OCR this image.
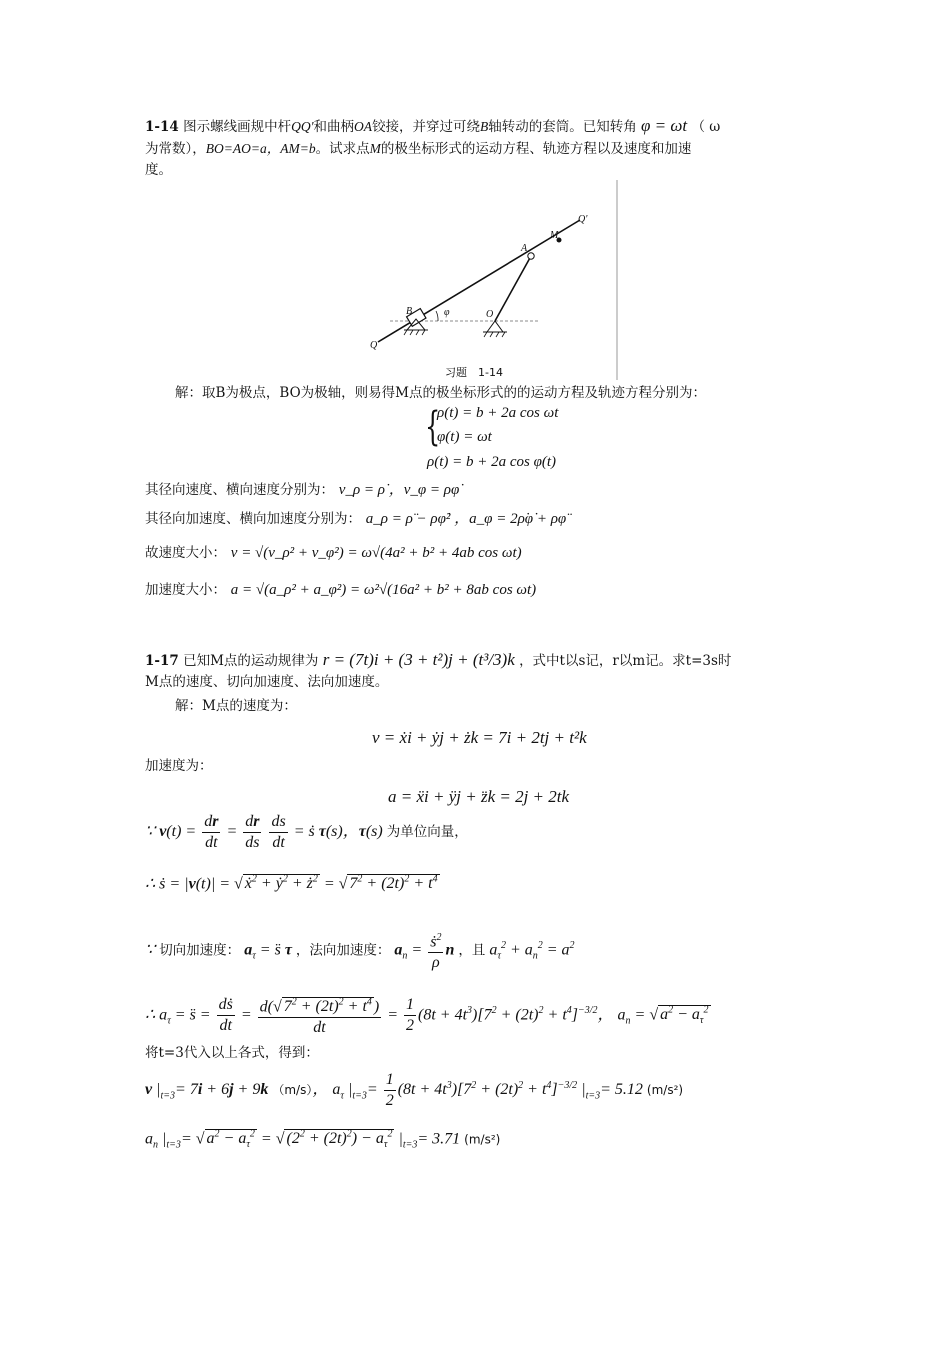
1-14 图示螺线画规中杆QQ'和曲柄OA铰接，并穿过可绕B轴转动的套筒。已知转角 φ = ωt （ ω
为常数），BO=AO=a，AM=b。试求点M的极坐标形式的运动方程、轨迹方程以及速度和加速
度。
Q
Q'
A
M
B	O
φ
习题　1-14
解：取B为极点，BO为极轴，则易得M点的极坐标形式的的运动方程及轨迹方程分别为：
{
ρ(t) = b + 2a cos ωt
φ(t) = ωt
ρ(t) = b + 2a cos φ(t)
其径向速度、横向速度分别为： v_ρ = ρ̇ ，v_φ = ρφ̇
其径向加速度、横向加速度分别为： a_ρ = ρ̈ − ρφ̇² ，a_φ = 2ρ̇φ̇ + ρφ̈
故速度大小： v = √(v_ρ² + v_φ²) = ω√(4a² + b² + 4ab cos ωt)
加速度大小： a = √(a_ρ² + a_φ²) = ω²√(16a² + b² + 8ab cos ωt)
1-17 已知M点的运动规律为 r = (7t)i + (3 + t²)j + (t³/3)k ，式中t以s记，r以m记。求t=3s时
M点的速度、切向加速度、法向加速度。
解：M点的速度为：
v = ẋi + ẏj + żk = 7i + 2tj + t²k
加速度为：
a = ẍi + ÿj + z̈k = 2j + 2tk
∵ $v(t) = \frac{dr}{dt} = \frac{dr}{ds}$
$\frac{ds}{dt}$ = ṡ τ(s)，τ(s) 为单位向量，
∴ ṡ = |v(t)| = √ ẋ$^2$ + ẏ$^2$ + $ż^2$ = √ $7^2 + (2t)^2 + t^4$
∵ 切向加速度： $a_\tau$ = s̈ τ ，法向加速度： $a_n = \frac{ṡ^2}{\rho}$ n ，且 $a_\tau^2 + a_n^2 = a^2$
∴ $a_\tau$ = s̈ = $\frac{\text{dṡ}}{dt} = \frac{d(√ 7^2 + (2t)^2 + t^4 )}{dt} = \frac{1}{2} (8t + 4t^3)[7^2 + (2t)^2 + t^4]^{-3/2}$， $a_n$ = √ $a^2 - a_\tau^2$
将t=3代入以上各式，得到：
v $|_{t=3}= 7i + 6j + 9k$ （m/s）， $a_\tau$ $|_{t=3}= \frac{1}{2} (8t + 4t^3)[7^2 + (2t)^2 + t^4]^{-3/2}$ $|_{t=3}= 5.12$ (m/s²)
$a_n$ $|_{t=3}=$ √ $a^2 - a_\tau^2$ = √ $(2^2 + (2t)^2) - a_\tau^2$ $|_{t=3}= 3.71$ (m/s²)
